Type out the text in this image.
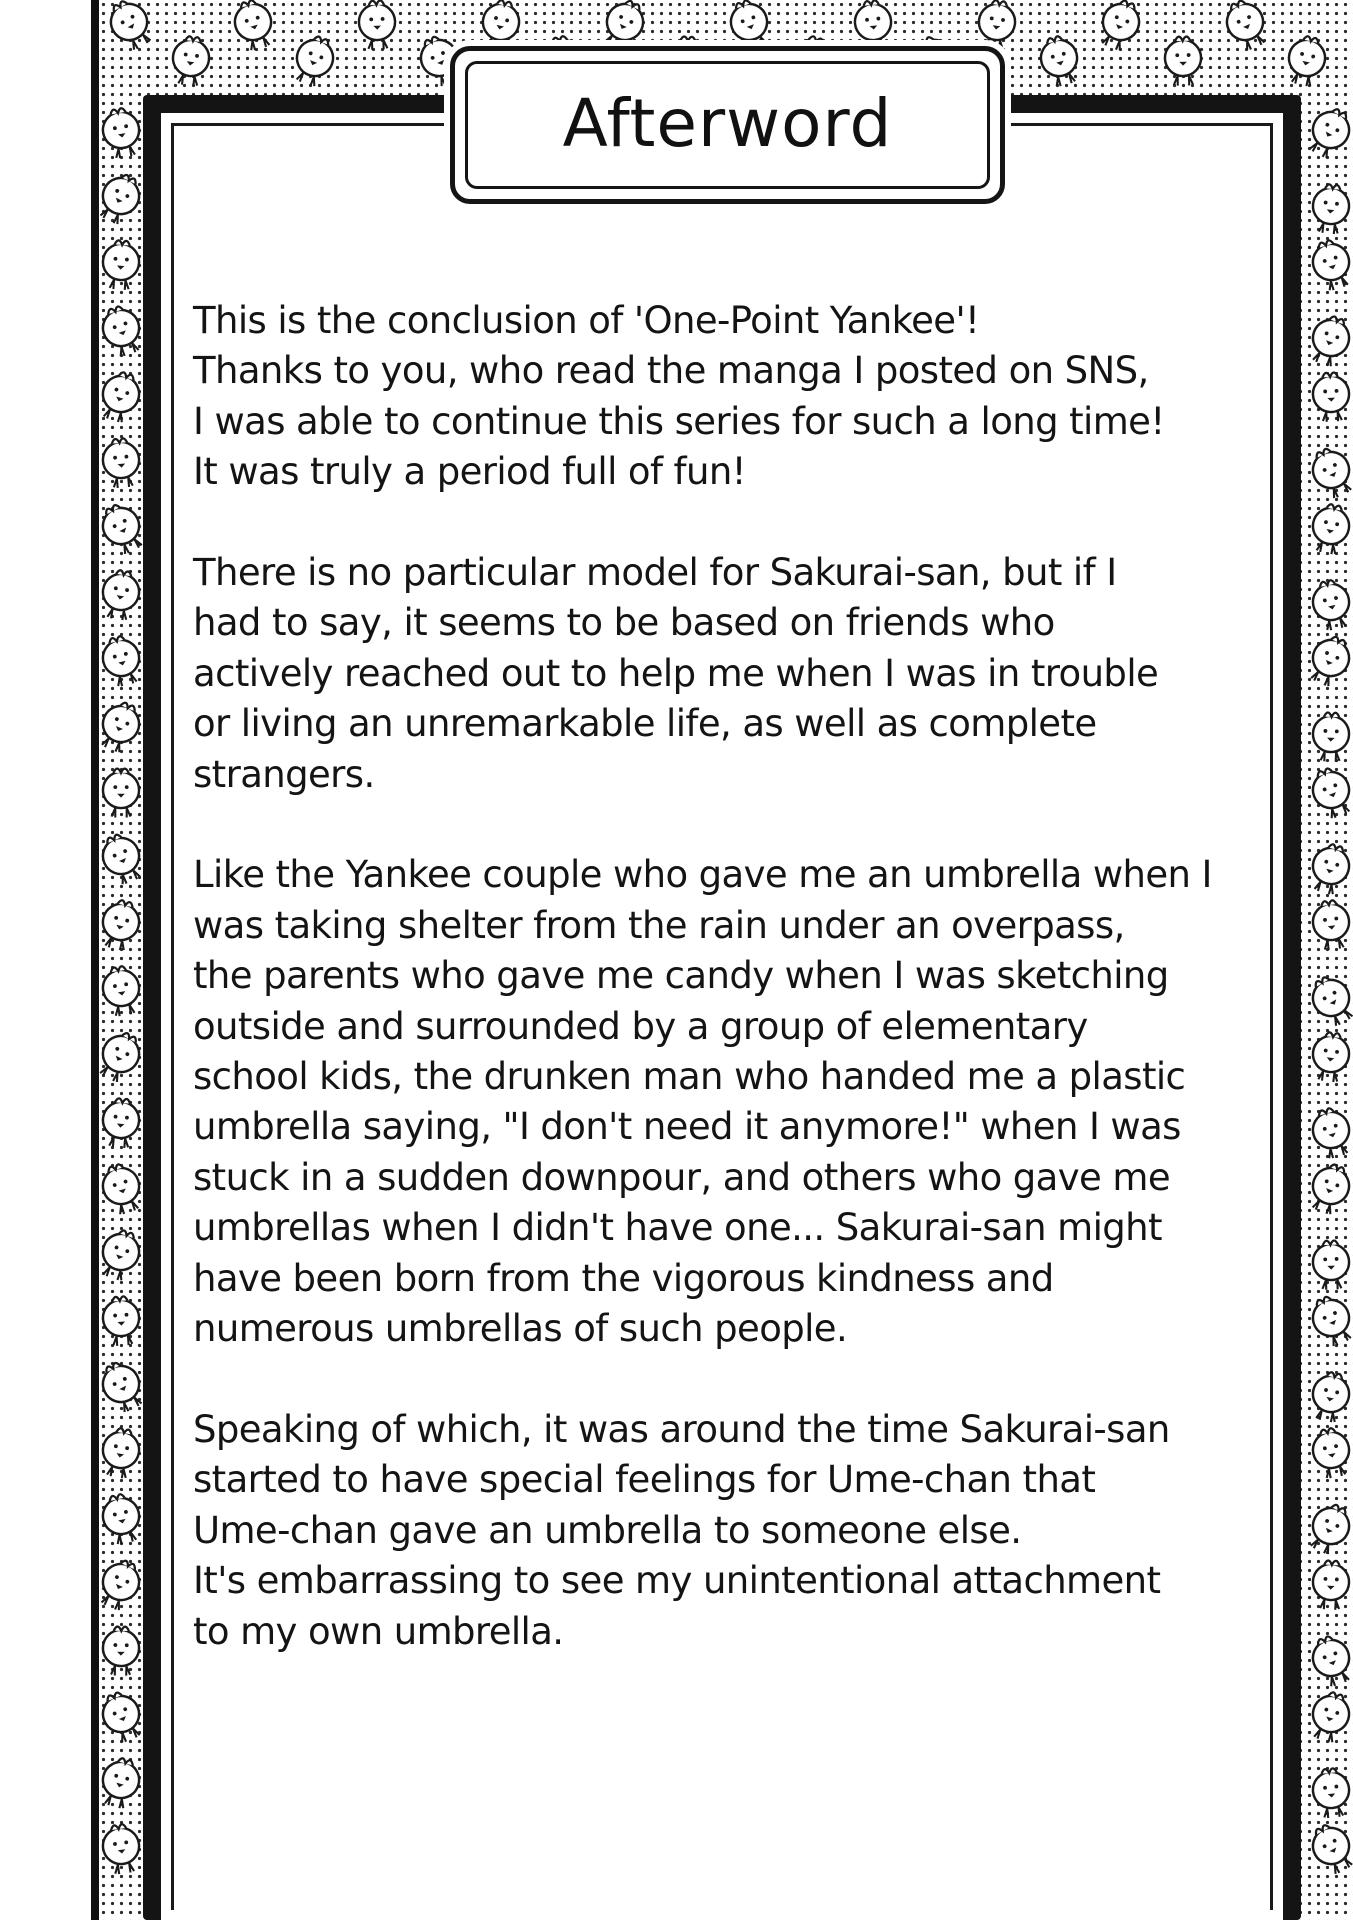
Afterword

This is the conclusion of 'One-Point Yankee'!
Thanks to you, who read the manga I posted on SNS,
I was able to continue this series for such a long time!
It was truly a period full of fun!

There is no particular model for Sakurai-san, but if I
had to say, it seems to be based on friends who
actively reached out to help me when I was in trouble
or living an unremarkable life, as well as complete
strangers.

Like the Yankee couple who gave me an umbrella when I
was taking shelter from the rain under an overpass,
the parents who gave me candy when I was sketching
outside and surrounded by a group of elementary
school kids, the drunken man who handed me a plastic
umbrella saying, "I don't need it anymore!" when I was
stuck in a sudden downpour, and others who gave me
umbrellas when I didn't have one... Sakurai-san might
have been born from the vigorous kindness and
numerous umbrellas of such people.

Speaking of which, it was around the time Sakurai-san
started to have special feelings for Ume-chan that
Ume-chan gave an umbrella to someone else.
It's embarrassing to see my unintentional attachment
to my own umbrella.
